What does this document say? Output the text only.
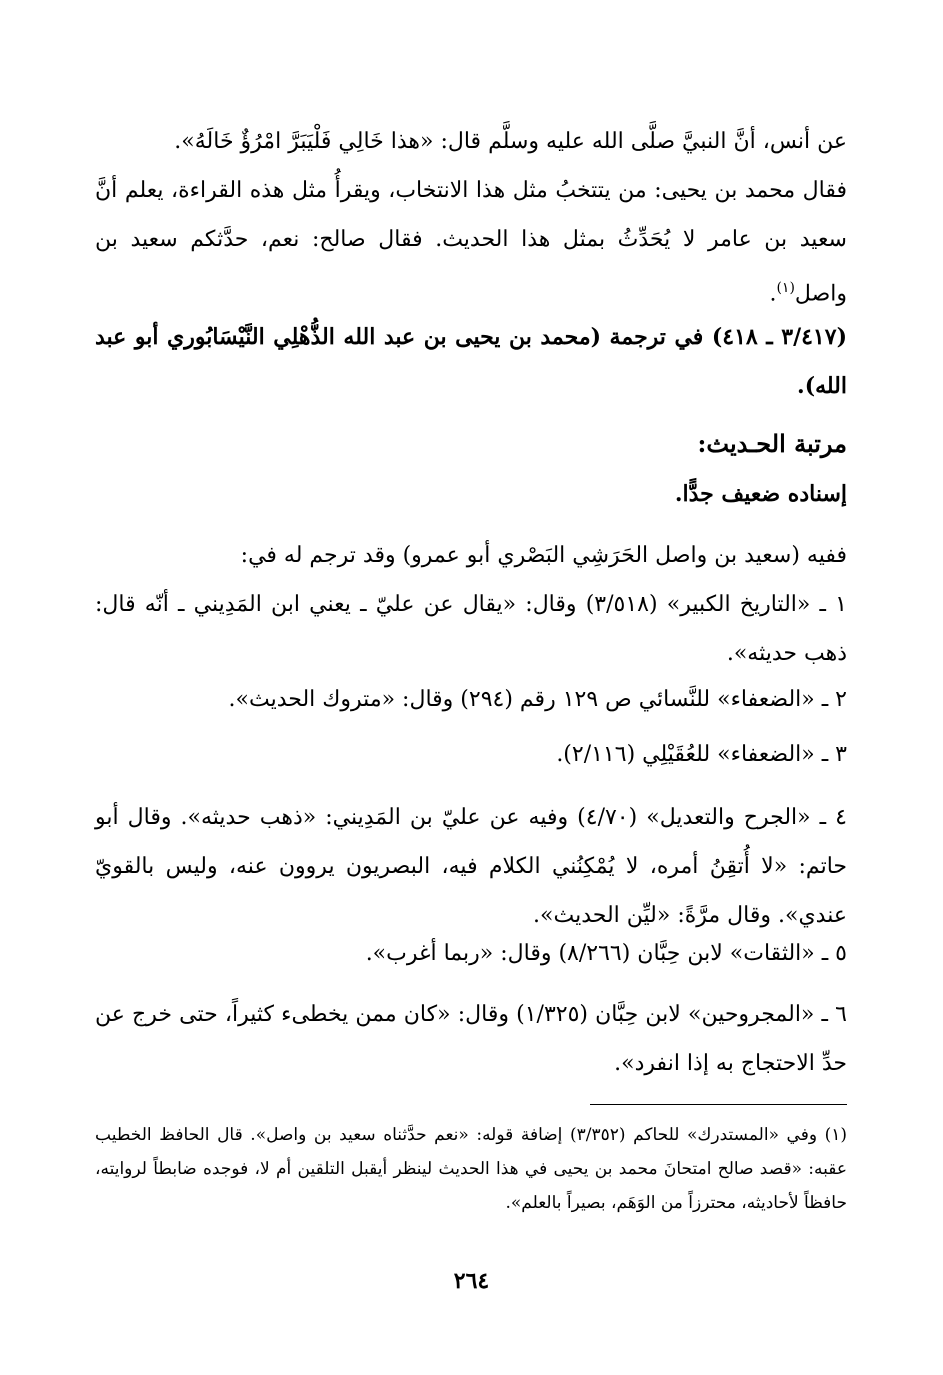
عن أنس، أنَّ النبيَّ صلَّى الله عليه وسلَّم قال: «هذا خَالِي فَلْيَبَرَّ امْرُؤٌ خَالَهُ».
فقال محمد بن يحيى: من يتتخبُ مثل هذا الانتخاب، ويقرأُ مثل هذه القراءة، يعلم أنَّ سعيد بن عامر لا يُحَدِّثُ بمثل هذا الحديث. فقال صالح: نعم، حدَّثكم سعيد بن واصل$^{(١)}$.
(٣/٤١٧ ـ ٤١٨) في ترجمة (محمد بن يحيى بن عبد الله الذُّهْلِي النَّيْسَابُوري أبو عبد الله).
مرتبة الحـديث:
إسناده ضعيف جدًّا.
ففيه (سعيد بن واصل الحَرَشِي البَصْري أبو عمرو) وقد ترجم له في:
١ ـ «التاريخ الكبير» (٣/٥١٨) وقال: «يقال عن عليّ ـ يعني ابن المَدِيني ـ أنّه قال: ذهب حديثه».
٢ ـ «الضعفاء» للنَّسائي ص ١٢٩ رقم (٢٩٤) وقال: «متروك الحديث».
٣ ـ «الضعفاء» للعُقَيْلِي (٢/١١٦).
٤ ـ «الجرح والتعديل» (٤/٧٠) وفيه عن عليّ بن المَدِيني: «ذهب حديثه». وقال أبو حاتم: «لا أُتقِنُ أمره، لا يُمْكِنُني الكلام فيه، البصريون يروون عنه، وليس بالقويّ عندي». وقال مرَّةً: «ليِّن الحديث».
٥ ـ «الثقات» لابن حِبَّان (٨/٢٦٦) وقال: «ربما أغرب».
٦ ـ «المجروحين» لابن حِبَّان (١/٣٢٥) وقال: «كان ممن يخطىء كثيراً، حتى خرج عن حدِّ الاحتجاج به إذا انفرد».
(١) وفي «المستدرك» للحاكم (٣/٣٥٢) إضافة قوله: «نعم حدَّثناه سعيد بن واصل». قال الحافظ الخطيب عقبه: «قصد صالح امتحانَ محمد بن يحيى في هذا الحديث لينظر أيقبل التلقين أم لا، فوجده ضابطاً لروايته، حافظاً لأحاديثه، محترزاً من الوَهَم، بصيراً بالعلم».
٢٦٤
